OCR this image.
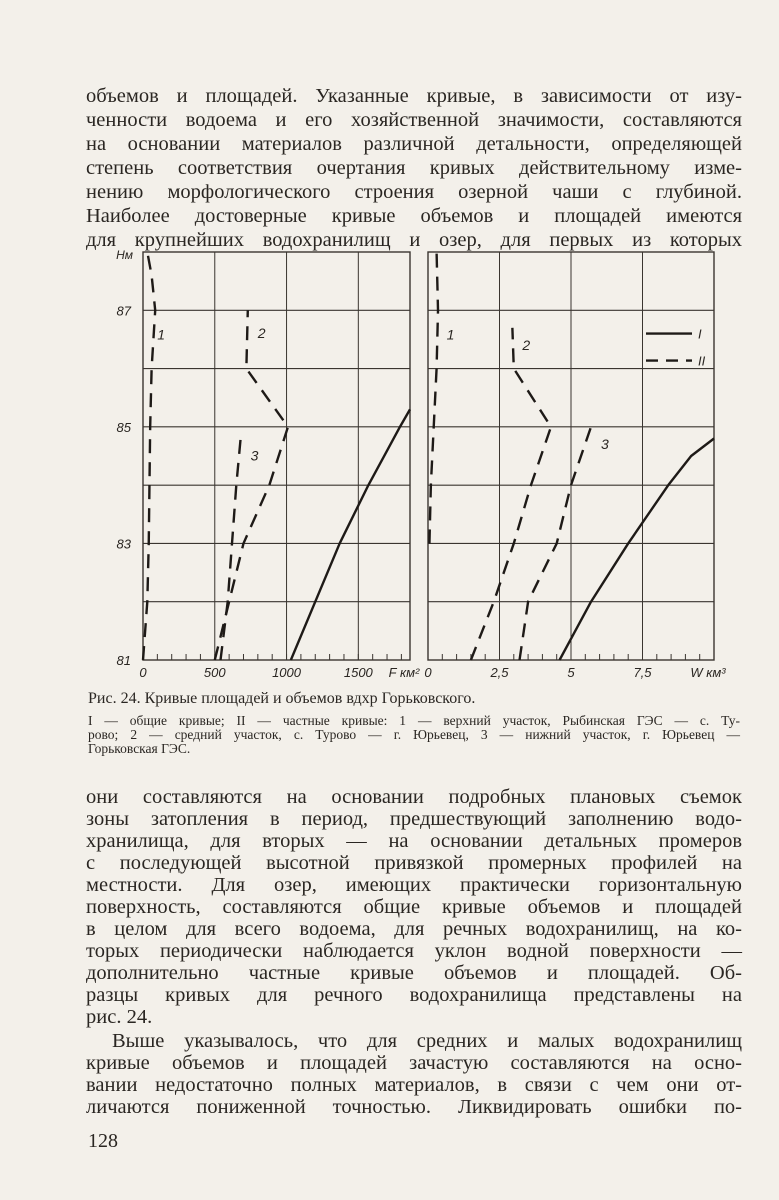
объемов и площадей. Указанные кривые, в зависимости от изу-
ченности водоема и его хозяйственной значимости, составляются
на основании материалов различной детальности, определяющей
степень соответствия очертания кривых действительному изме-
нению морфологического строения озерной чаши с глубиной.
Наиболее достоверные кривые объемов и площадей имеются
для крупнейших водохранилищ и озер, для первых из которых
0	500	1000	1500 F км²
81
83
85
87
Нм
1	2
3
0	2,5	5	7,5	W км³
1
2
3
I
II
Рис. 24. Кривые площадей и объемов вдхр Горьковского.
I — общие кривые; II — частные кривые: 1 — верхний участок, Рыбинская ГЭС — с. Ту-
рово; 2 — средний участок, с. Турово — г. Юрьевец, 3 — нижний участок, г. Юрьевец —
Горьковская ГЭС.
они составляются на основании подробных плановых съемок
зоны затопления в период, предшествующий заполнению водо-
хранилища, для вторых — на основании детальных промеров
с последующей высотной привязкой промерных профилей на
местности. Для озер, имеющих практически горизонтальную
поверхность, составляются общие кривые объемов и площадей
в целом для всего водоема, для речных водохранилищ, на ко-
торых периодически наблюдается уклон водной поверхности —
дополнительно частные кривые объемов и площадей. Об-
разцы кривых для речного водохранилища представлены на
рис. 24.
Выше указывалось, что для средних и малых водохранилищ
кривые объемов и площадей зачастую составляются на осно-
вании недостаточно полных материалов, в связи с чем они от-
личаются пониженной точностью. Ликвидировать ошибки по-
128
